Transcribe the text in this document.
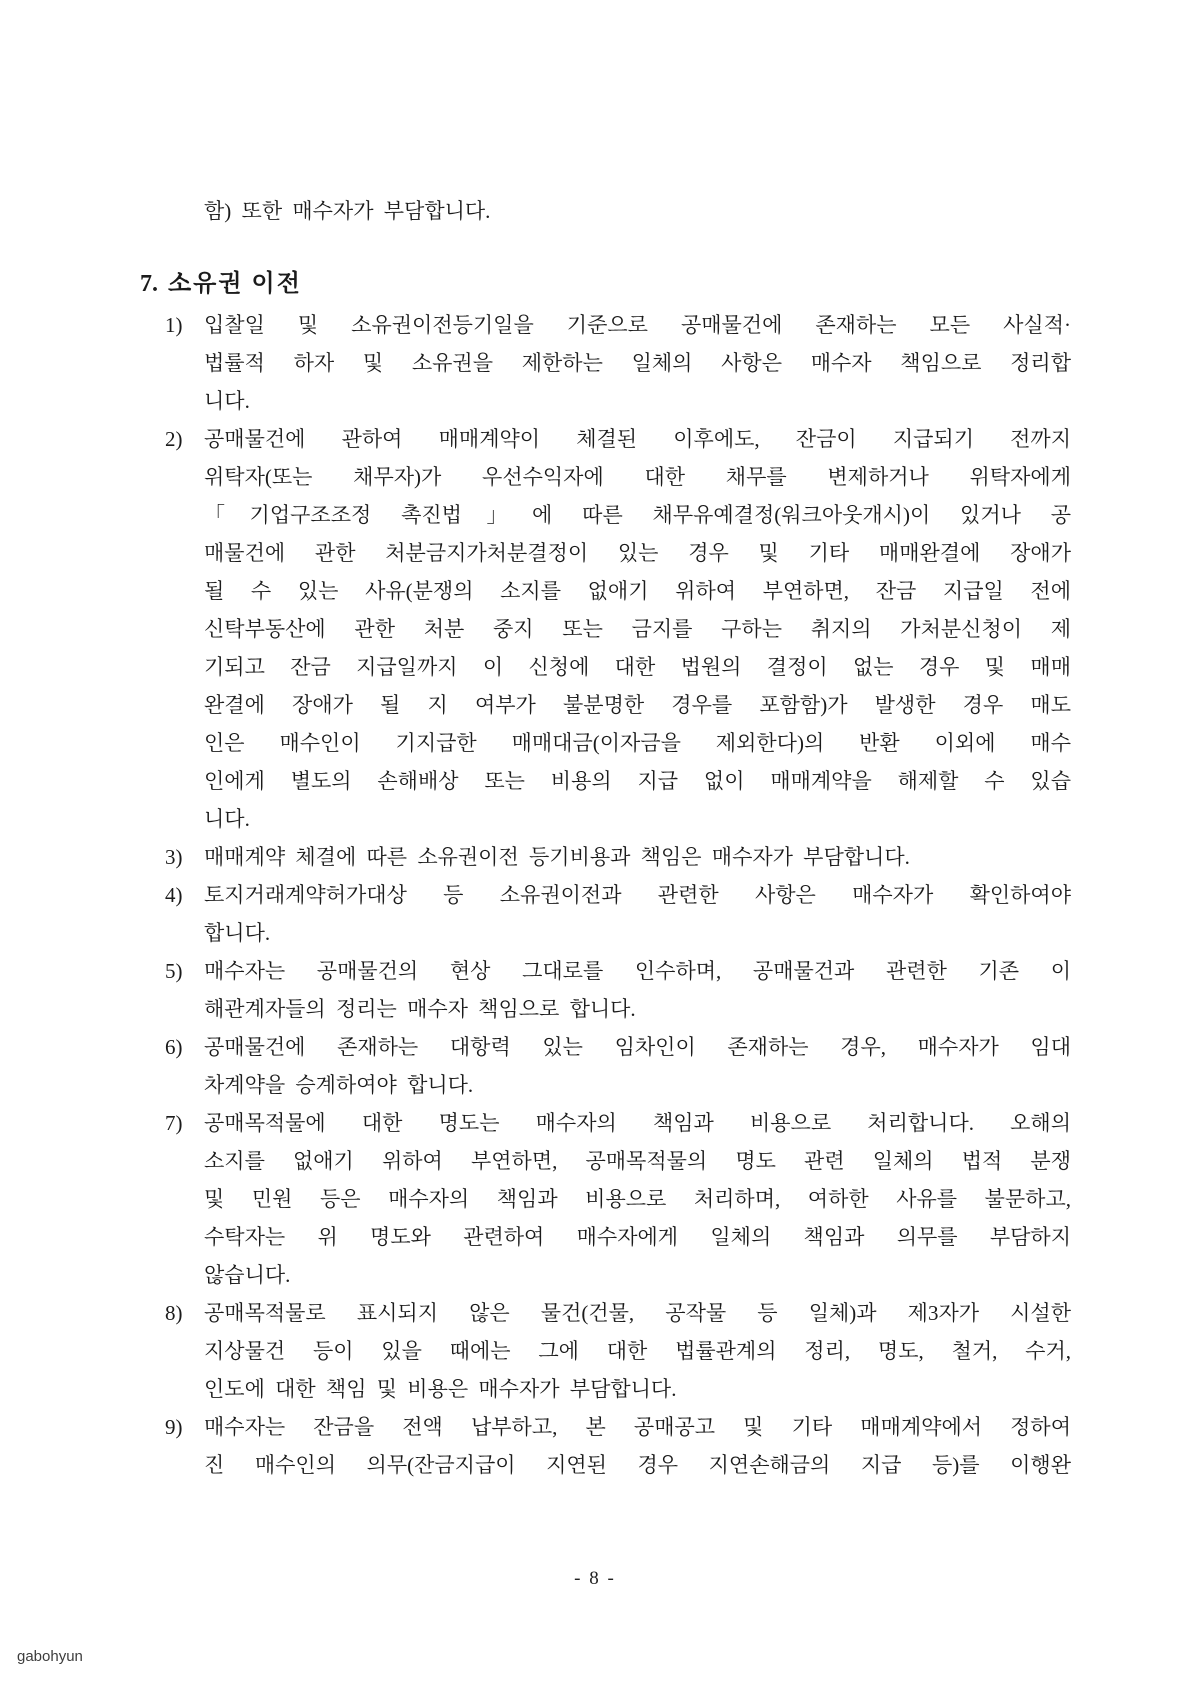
함) 또한 매수자가 부담합니다.
7. 소유권 이전
1) 입찰일 및 소유권이전등기일을 기준으로 공매물건에 존재하는 모든 사실적·
법률적 하자 및 소유권을 제한하는 일체의 사항은 매수자 책임으로 정리합
니다.
2) 공매물건에 관하여 매매계약이 체결된 이후에도, 잔금이 지급되기 전까지
위탁자(또는 채무자)가 우선수익자에 대한 채무를 변제하거나 위탁자에게
「기업구조조정 촉진법」에 따른 채무유예결정(워크아웃개시)이 있거나 공
매물건에 관한 처분금지가처분결정이 있는 경우 및 기타 매매완결에 장애가
될 수 있는 사유(분쟁의 소지를 없애기 위하여 부연하면, 잔금 지급일 전에
신탁부동산에 관한 처분 중지 또는 금지를 구하는 취지의 가처분신청이 제
기되고 잔금 지급일까지 이 신청에 대한 법원의 결정이 없는 경우 및 매매
완결에 장애가 될 지 여부가 불분명한 경우를 포함함)가 발생한 경우 매도
인은 매수인이 기지급한 매매대금(이자금을 제외한다)의 반환 이외에 매수
인에게 별도의 손해배상 또는 비용의 지급 없이 매매계약을 해제할 수 있습
니다.
3) 매매계약 체결에 따른 소유권이전 등기비용과 책임은 매수자가 부담합니다.
4) 토지거래계약허가대상 등 소유권이전과 관련한 사항은 매수자가 확인하여야
합니다.
5) 매수자는 공매물건의 현상 그대로를 인수하며, 공매물건과 관련한 기존 이
해관계자들의 정리는 매수자 책임으로 합니다.
6) 공매물건에 존재하는 대항력 있는 임차인이 존재하는 경우, 매수자가 임대
차계약을 승계하여야 합니다.
7) 공매목적물에 대한 명도는 매수자의 책임과 비용으로 처리합니다. 오해의
소지를 없애기 위하여 부연하면, 공매목적물의 명도 관련 일체의 법적 분쟁
및 민원 등은 매수자의 책임과 비용으로 처리하며, 여하한 사유를 불문하고,
수탁자는 위 명도와 관련하여 매수자에게 일체의 책임과 의무를 부담하지
않습니다.
8) 공매목적물로 표시되지 않은 물건(건물, 공작물 등 일체)과 제3자가 시설한
지상물건 등이 있을 때에는 그에 대한 법률관계의 정리, 명도, 철거, 수거,
인도에 대한 책임 및 비용은 매수자가 부담합니다.
9) 매수자는 잔금을 전액 납부하고, 본 공매공고 및 기타 매매계약에서 정하여
진 매수인의 의무(잔금지급이 지연된 경우 지연손해금의 지급 등)를 이행완
- 8 -
gabohyun
